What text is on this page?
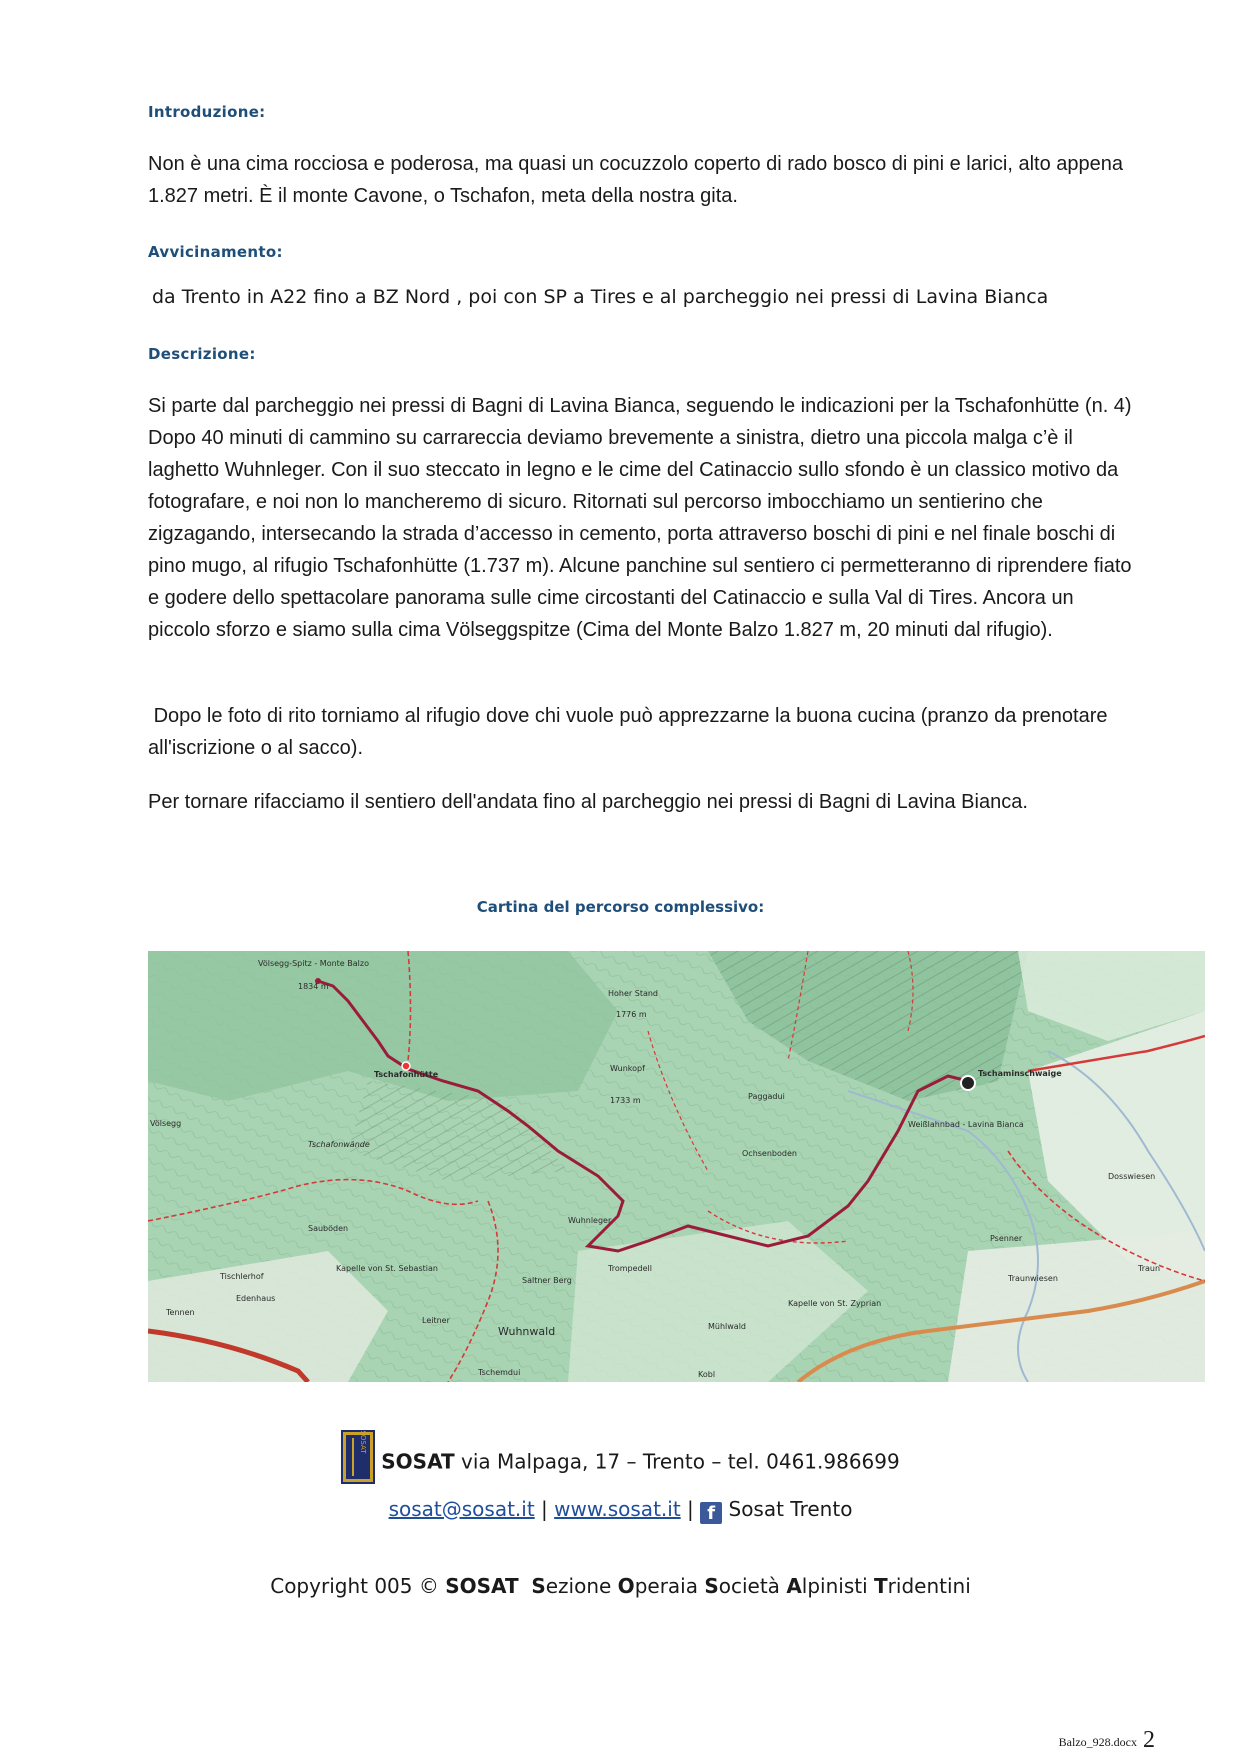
Introduzione:
Non è una cima rocciosa e poderosa, ma quasi un cocuzzolo coperto di rado bosco di pini e larici, alto appena 1.827 metri. È il monte Cavone, o Tschafon, meta della nostra gita.
Avvicinamento:
da Trento in A22 fino a BZ Nord , poi con SP a Tires e al parcheggio nei pressi di Lavina Bianca
Descrizione:
Si parte dal parcheggio nei pressi di Bagni di Lavina Bianca, seguendo le indicazioni per la Tschafonhütte (n. 4) Dopo 40 minuti di cammino su carrareccia deviamo brevemente a sinistra, dietro una piccola malga c’è il laghetto Wuhnleger. Con il suo steccato in legno e le cime del Catinaccio sullo sfondo è un classico motivo da fotografare, e noi non lo mancheremo di sicuro. Ritornati sul percorso imbocchiamo un sentierino che zigzagando, intersecando la strada d’accesso in cemento, porta attraverso boschi di pini e nel finale boschi di pino mugo, al rifugio Tschafonhütte (1.737 m). Alcune panchine sul sentiero ci permetteranno di riprendere fiato e godere dello spettacolare panorama sulle cime circostanti del Catinaccio e sulla Val di Tires. Ancora un piccolo sforzo e siamo sulla cima Völseggspitze (Cima del Monte Balzo 1.827 m, 20 minuti dal rifugio).
Dopo le foto di rito torniamo al rifugio dove chi vuole può apprezzarne la buona cucina (pranzo da prenotare all'iscrizione o al sacco).
Per tornare rifacciamo il sentiero dell'andata fino al parcheggio nei pressi di Bagni di Lavina Bianca.
Cartina del percorso complessivo:
Völsegg-Spitz - Monte Balzo
1834 m
Tschafonhütte
Hoher Stand
1776 m
Wunkopf
1733 m
Tschaminschwaige
Weißlahnbad - Lavina Bianca
Wuhnleger
Trompedell
Wuhnwald
Ochsenboden
Dosswiesen
Psenner
Traunwiesen
Traun
Saltner Berg
Sauböden
Kapelle von St. Sebastian
Kapelle von St. Zyprian
Tennen
Edenhaus
Tischlerhof
Leitner
Kobl
Tschemdui
Paggadui
Tschafonwände
Völsegg
Mühlwald
SOSAT
SOSAT via Malpaga, 17 – Trento – tel. 0461.986699
sosat@sosat.it | www.sosat.it | f Sosat Trento
Copyright 005 © SOSAT Sezione Operaia Società Alpinisti Tridentini
Balzo_928.docx 2
